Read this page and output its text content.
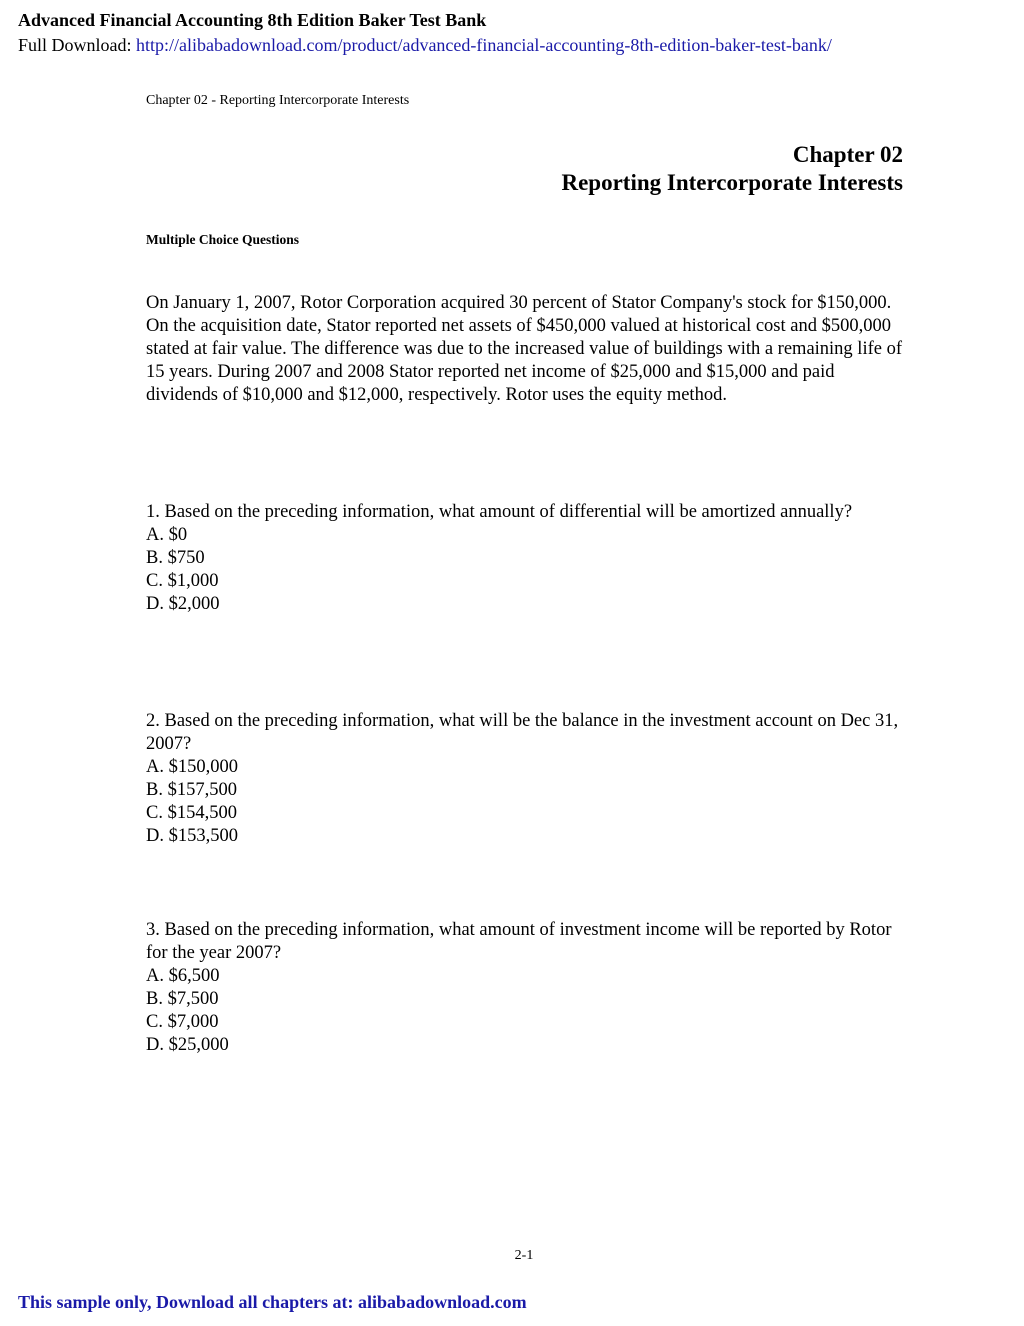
Advanced Financial Accounting 8th Edition Baker Test Bank
Full Download: http://alibabadownload.com/product/advanced-financial-accounting-8th-edition-baker-test-bank/
Chapter 02 - Reporting Intercorporate Interests
Chapter 02
Reporting Intercorporate Interests
Multiple Choice Questions
On January 1, 2007, Rotor Corporation acquired 30 percent of Stator Company's stock for $150,000. On the acquisition date, Stator reported net assets of $450,000 valued at historical cost and $500,000 stated at fair value. The difference was due to the increased value of buildings with a remaining life of 15 years. During 2007 and 2008 Stator reported net income of $25,000 and $15,000 and paid dividends of $10,000 and $12,000, respectively. Rotor uses the equity method.
1. Based on the preceding information, what amount of differential will be amortized annually?
A. $0
B. $750
C. $1,000
D. $2,000
2. Based on the preceding information, what will be the balance in the investment account on Dec 31, 2007?
A. $150,000
B. $157,500
C. $154,500
D. $153,500
3. Based on the preceding information, what amount of investment income will be reported by Rotor for the year 2007?
A. $6,500
B. $7,500
C. $7,000
D. $25,000
2-1
This sample only, Download all chapters at: alibabadownload.com
